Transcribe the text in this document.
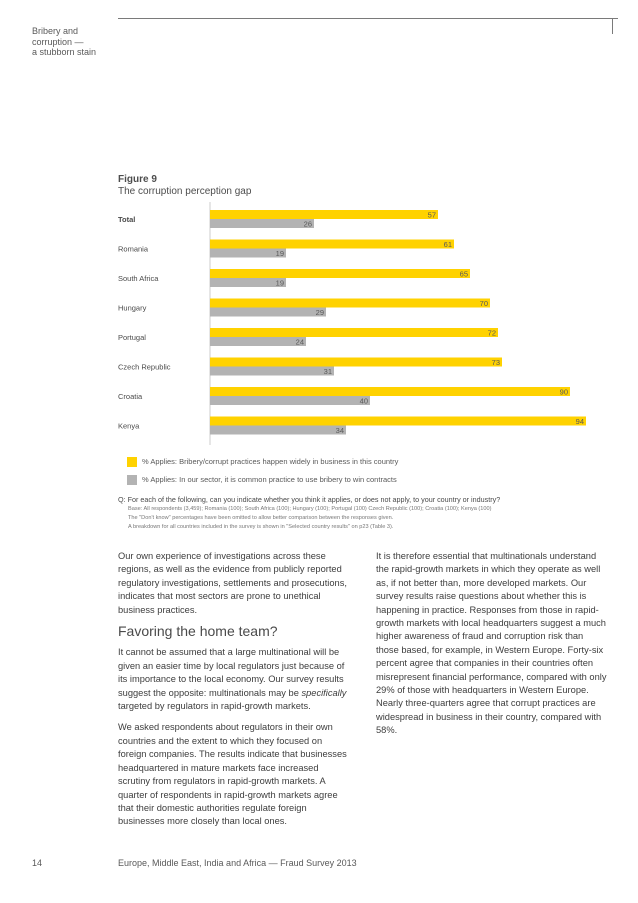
Bribery and
corruption —
a stubborn stain
Figure 9
The corruption perception gap
Total	57
26
Romania	61
19
South Africa	65
19
Hungary	70
29
Portugal	72
24
Czech Republic	73
31
Croatia	90
40
Kenya	94
34
% Applies: Bribery/corrupt practices happen widely in business in this country
% Applies: In our sector, it is common practice to use bribery to win contracts
Q: For each of the following, can you indicate whether you think it applies, or does not apply, to your country or industry?
Base: All respondents (3,459); Romania (100); South Africa (100); Hungary (100); Portugal (100) Czech Republic (100); Croatia (100); Kenya (100)
The "Don't know" percentages have been omitted to allow better comparison between the responses given.
A breakdown for all countries included in the survey is shown in "Selected country results" on p23 (Table 3).

Our own experience of investigations across these regions, as well as the evidence from publicly reported regulatory investigations, settlements and prosecutions, indicates that most sectors are prone to unethical business practices.

Favoring the home team?

It cannot be assumed that a large multinational will be given an easier time by local regulators just because of its importance to the local economy. Our survey results suggest the opposite: multinationals may be specifically targeted by regulators in rapid-growth markets.

We asked respondents about regulators in their own countries and the extent to which they focused on foreign companies. The results indicate that businesses headquartered in mature markets face increased scrutiny from regulators in rapid-growth markets. A quarter of respondents in rapid-growth markets agree that their domestic authorities regulate foreign businesses more closely than local ones.

It is therefore essential that multinationals understand the rapid-growth markets in which they operate as well as, if not better than, more developed markets. Our survey results raise questions about whether this is happening in practice. Responses from those in rapid-growth markets with local headquarters suggest a much higher awareness of fraud and corruption risk than those based, for example, in Western Europe. Forty-six percent agree that companies in their countries often misrepresent financial performance, compared with only 29% of those with headquarters in Western Europe. Nearly three-quarters agree that corrupt practices are widespread in business in their country, compared with 58%.

14	Europe, Middle East, India and Africa — Fraud Survey 2013
